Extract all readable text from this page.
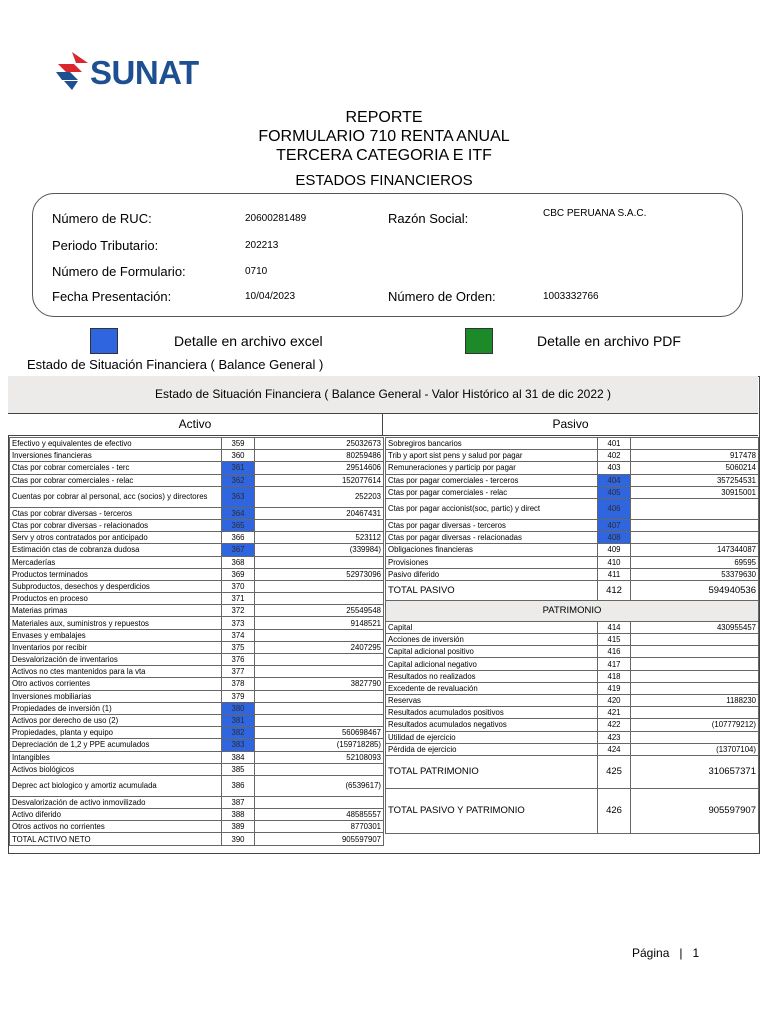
SUNAT
REPORTE
FORMULARIO 710 RENTA ANUAL
TERCERA CATEGORIA E ITF
ESTADOS FINANCIEROS
Número de RUC:	20600281489	Razón Social:	CBC PERUANA S.A.C.
Periodo Tributario:	202213
Número de Formulario:	0710
Fecha Presentación:	10/04/2023	Número de Orden:	1003332766
Detalle en archivo excel	Detalle en archivo PDF
Estado de Situación Financiera ( Balance General )
Estado de Situación Financiera ( Balance General - Valor Histórico al 31 de dic 2022 )
Activo	Pasivo
Efectivo y equivalentes de efectivo	359	25032673
Inversiones financieras	360	80259486
Ctas por cobrar comerciales - terc	361	29514606
Ctas por cobrar comerciales - relac	362	152077614
Cuentas por cobrar al personal, acc (socios) y directores	363	252203
Ctas por cobrar diversas - terceros	364	20467431
Ctas por cobrar diversas - relacionados	365	
Serv y otros contratados por anticipado	366	523112
Estimación ctas de cobranza dudosa	367	(339984)
Mercaderías	368	
Productos terminados	369	52973096
Subproductos, desechos y desperdicios	370	
Productos en proceso	371	
Materias primas	372	25549548
Materiales aux, suministros y repuestos	373	9148521
Envases y embalajes	374	
Inventarios por recibir	375	2407295
Desvalorización de inventarios	376	
Activos no ctes mantenidos para la vta	377	
Otro activos corrientes	378	3827790
Inversiones mobiliarias	379	
Propiedades de inversión (1)	380	
Activos por derecho de uso (2)	381	
Propiedades, planta y equipo	382	560698467
Depreciación de 1,2 y PPE acumulados	383	(159718285)
Intangibles	384	52108093
Activos biológicos	385	
Deprec act biologico y amortiz acumulada	386	(6539617)
Desvalorización de activo inmovilizado	387	
Activo diferido	388	48585557
Otros activos no corrientes	389	8770301
TOTAL ACTIVO NETO	390	905597907
Sobregiros bancarios	401	
Trib y aport sist pens y salud por pagar	402	917478
Remuneraciones y particip por pagar	403	5060214
Ctas por pagar comerciales - terceros	404	357254531
Ctas por pagar comerciales - relac	405	30915001
Ctas por pagar accionist(soc, partic) y direct	406	
Ctas por pagar diversas - terceros	407	
Ctas por pagar diversas - relacionadas	408	
Obligaciones financieras	409	147344087
Provisiones	410	69595
Pasivo diferido	411	53379630
TOTAL PASIVO	412	594940536
PATRIMONIO		
Capital	414	430955457
Acciones de inversión	415	
Capital adicional positivo	416	
Capital adicional negativo	417	
Resultados no realizados	418	
Excedente de revaluación	419	
Reservas	420	1188230
Resultados acumulados positivos	421	
Resultados acumulados negativos	422	(107779212)
Utilidad de ejercicio	423	
Pérdida de ejercicio	424	(13707104)
TOTAL PATRIMONIO	425	310657371
TOTAL PASIVO Y PATRIMONIO	426	905597907
Página | 1
